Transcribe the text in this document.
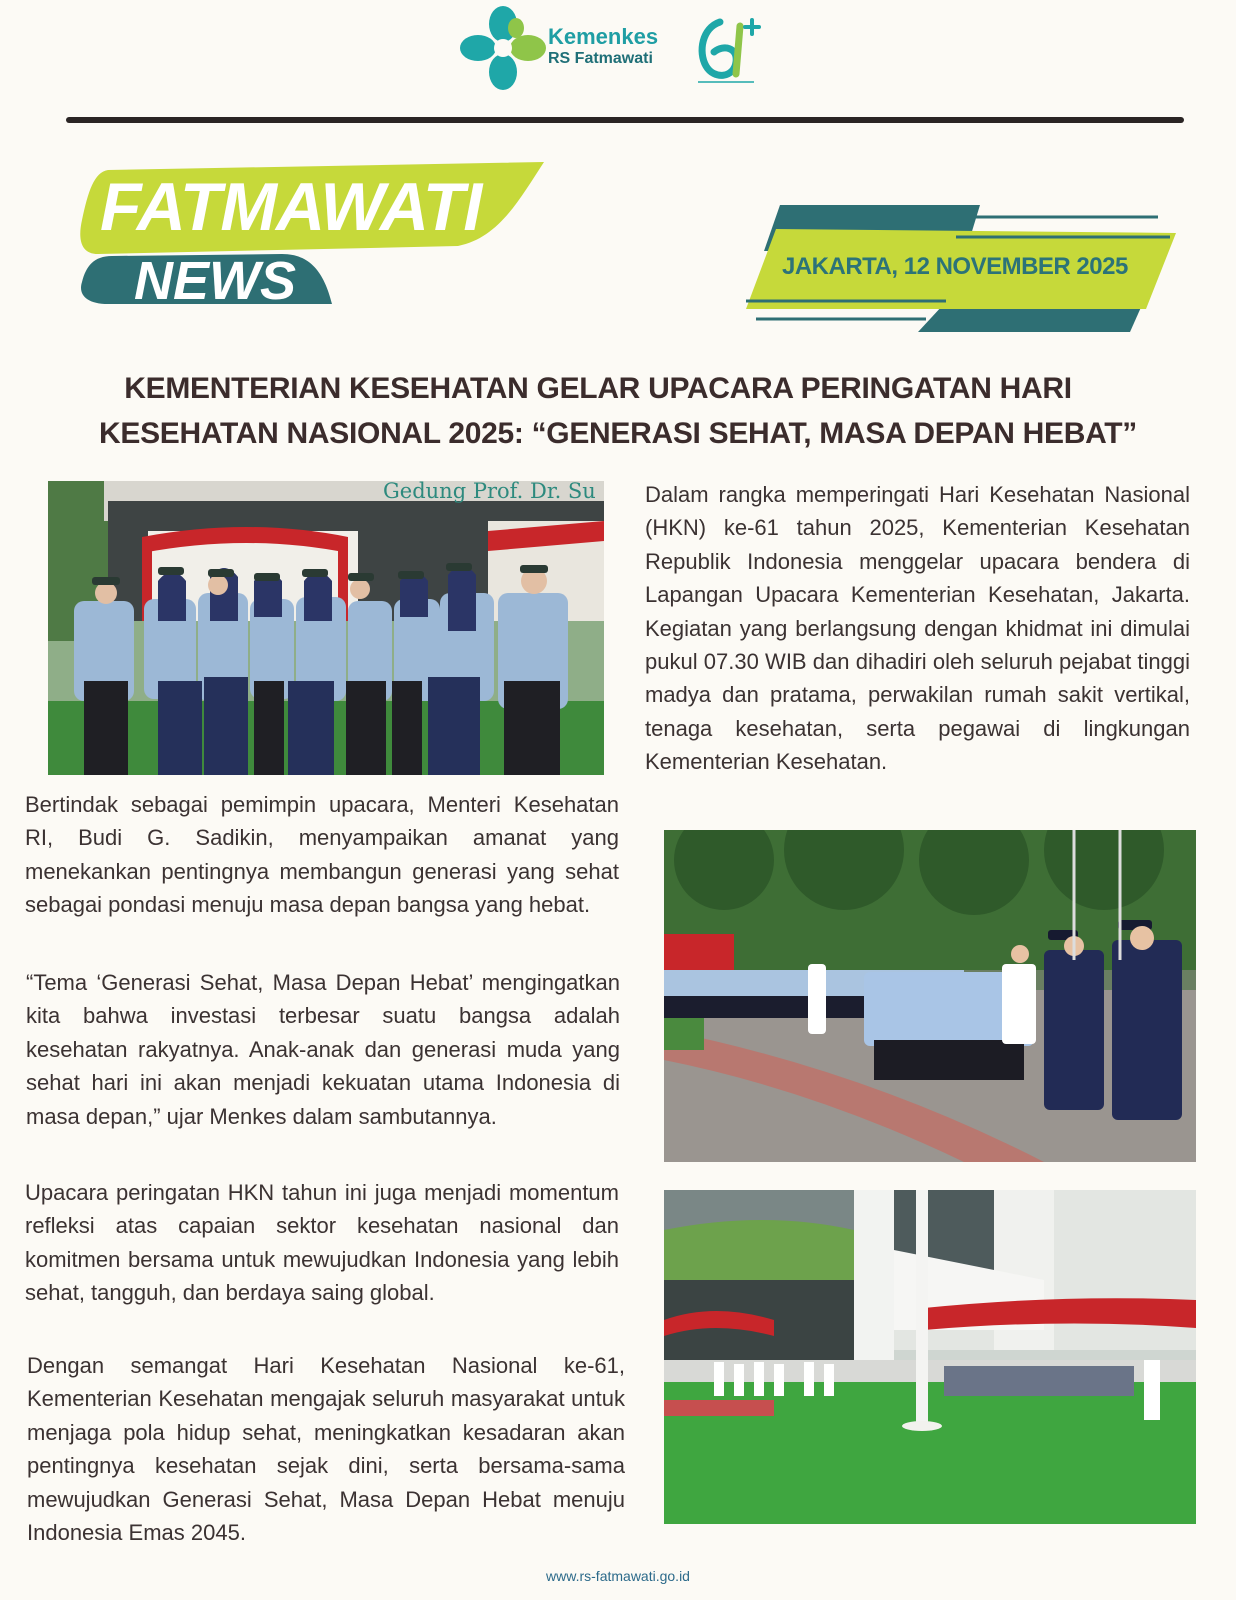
Kemenkes
RS Fatmawati
FATMAWATI
NEWS	JAKARTA, 12 NOVEMBER 2025
KEMENTERIAN KESEHATAN GELAR UPACARA PERINGATAN HARI
KESEHATAN NASIONAL 2025: “GENERASI SEHAT, MASA DEPAN HEBAT”
Gedung Prof. Dr. Su Dalam rangka memperingati Hari Kesehatan Nasional (HKN) ke-61 tahun 2025, Kementerian Kesehatan Republik Indonesia menggelar upacara bendera di Lapangan Upacara Kementerian Kesehatan, Jakarta. Kegiatan yang berlangsung dengan khidmat ini dimulai pukul 07.30 WIB dan dihadiri oleh seluruh pejabat tinggi madya dan pratama, perwakilan rumah sakit vertikal, tenaga kesehatan, serta pegawai di lingkungan Kementerian Kesehatan.
Bertindak sebagai pemimpin upacara, Menteri Kesehatan RI, Budi G. Sadikin, menyampaikan amanat yang menekankan pentingnya membangun generasi yang sehat sebagai pondasi menuju masa depan bangsa yang hebat.
“Tema ‘Generasi Sehat, Masa Depan Hebat’ mengingatkan kita bahwa investasi terbesar suatu bangsa adalah kesehatan rakyatnya. Anak-anak dan generasi muda yang sehat hari ini akan menjadi kekuatan utama Indonesia di masa depan,” ujar Menkes dalam sambutannya.
Upacara peringatan HKN tahun ini juga menjadi momentum refleksi atas capaian sektor kesehatan nasional dan komitmen bersama untuk mewujudkan Indonesia yang lebih sehat, tangguh, dan berdaya saing global.
Dengan semangat Hari Kesehatan Nasional ke-61, Kementerian Kesehatan mengajak seluruh masyarakat untuk menjaga pola hidup sehat, meningkatkan kesadaran akan pentingnya kesehatan sejak dini, serta bersama-sama mewujudkan Generasi Sehat, Masa Depan Hebat menuju Indonesia Emas 2045.
www.rs-fatmawati.go.id
